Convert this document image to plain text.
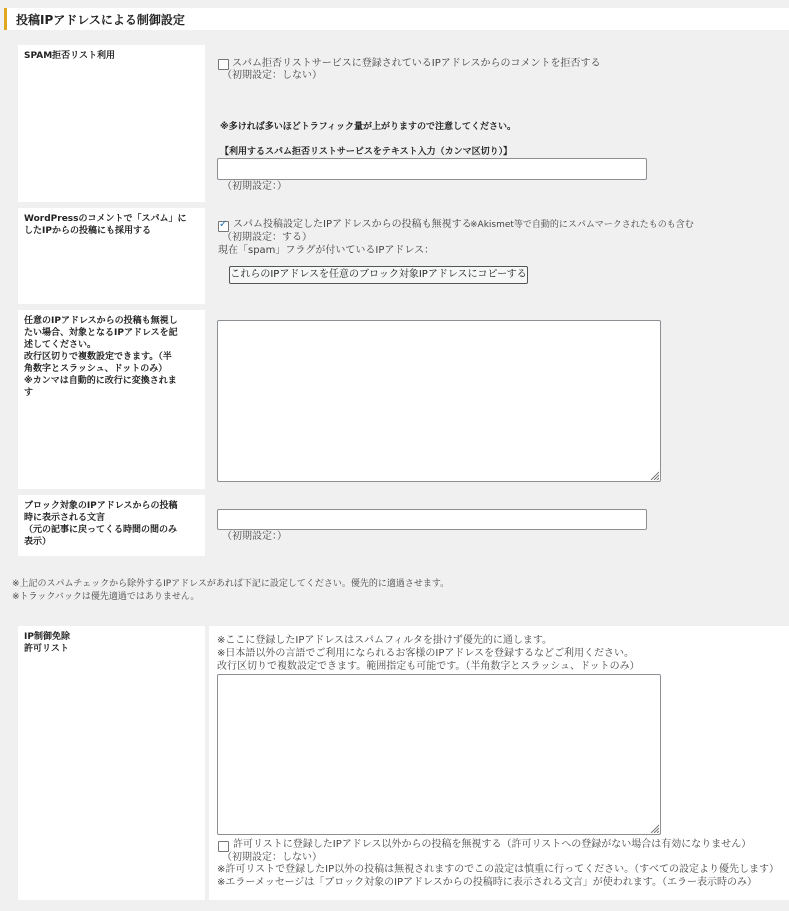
投稿IPアドレスによる制御設定
SPAM拒否リスト利用
スパム拒否リストサービスに登録されているIPアドレスからのコメントを拒否する
（初期設定：しない）
※多ければ多いほどトラフィック量が上がりますので注意してください。
【利用するスパム拒否リストサービスをテキスト入力（カンマ区切り）】
（初期設定：）
WordPressのコメントで「スパム」に
したIPからの投稿にも採用する
✓
スパム投稿設定したIPアドレスからの投稿も無視する
※Akismet等で自動的にスパムマークされたものも含む
（初期設定：する）
現在「spam」フラグが付いているIPアドレス：
これらのIPアドレスを任意のブロック対象IPアドレスにコピーする
任意のIPアドレスからの投稿も無視し
たい場合、対象となるIPアドレスを記
述してください。
改行区切りで複数設定できます。（半
角数字とスラッシュ、ドットのみ）
※カンマは自動的に改行に変換されま
す
ブロック対象のIPアドレスからの投稿
時に表示される文言
（元の記事に戻ってくる時間の間のみ
表示）	（初期設定：）
※上記のスパムチェックから除外するIPアドレスがあれば下記に設定してください。優先的に適過させます。
※トラックバックは優先適過ではありません。
IP制御免除
許可リスト
※ここに登録したIPアドレスはスパムフィルタを掛けず優先的に通します。
※日本語以外の言語でご利用になられるお客様のIPアドレスを登録するなどご利用ください。
改行区切りで複数設定できます。範囲指定も可能です。（半角数字とスラッシュ、ドットのみ）
許可リストに登録したIPアドレス以外からの投稿を無視する（許可リストへの登録がない場合は有効になりません）
（初期設定：しない）
※許可リストで登録したIP以外の投稿は無視されますのでこの設定は慎重に行ってください。（すべての設定より優先します）
※エラーメッセージは「ブロック対象のIPアドレスからの投稿時に表示される文言」が使われます。（エラー表示時のみ）
